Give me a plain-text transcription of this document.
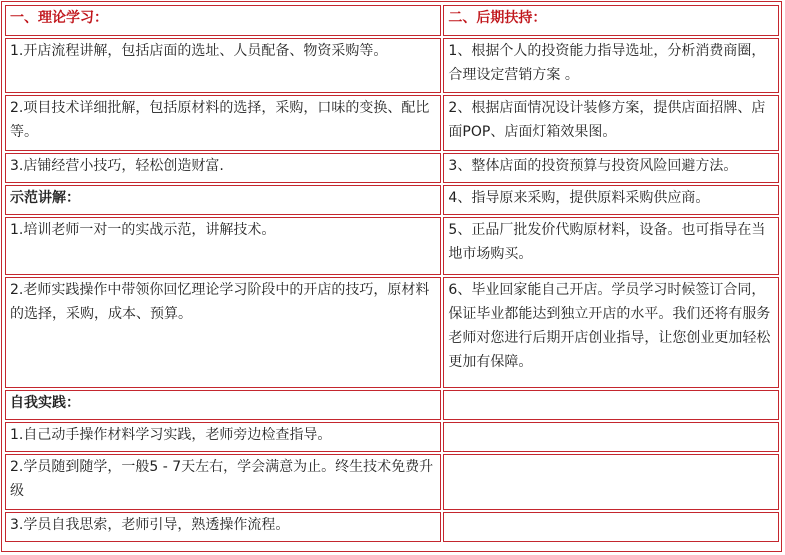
一、理论学习：	二、后期扶持：
1.开店流程讲解，包括店面的选址、人员配备、物资采购等。	1、根据个人的投资能力指导选址，分析消费商圈，合理设定营销方案 。
2.项目技术详细批解，包括原材料的选择，采购，口味的变换、配比等。	2、根据店面情况设计装修方案，提供店面招牌、店面POP、店面灯箱效果图。
3.店铺经营小技巧，轻松创造财富.	3、整体店面的投资预算与投资风险回避方法。
示范讲解：	4、指导原来采购，提供原料采购供应商。
1.培训老师一对一的实战示范，讲解技术。	5、正品厂批发价代购原材料，设备。也可指导在当地市场购买。
2.老师实践操作中带领你回忆理论学习阶段中的开店的技巧，原材料的选择，采购，成本、预算。	6、毕业回家能自己开店。学员学习时候签订合同，保证毕业都能达到独立开店的水平。我们还将有服务老师对您进行后期开店创业指导，让您创业更加轻松更加有保障。
自我实践：	
1.自己动手操作材料学习实践，老师旁边检查指导。	
2.学员随到随学，一般5 - 7天左右，学会满意为止。终生技术免费升级	
3.学员自我思索，老师引导，熟透操作流程。	
